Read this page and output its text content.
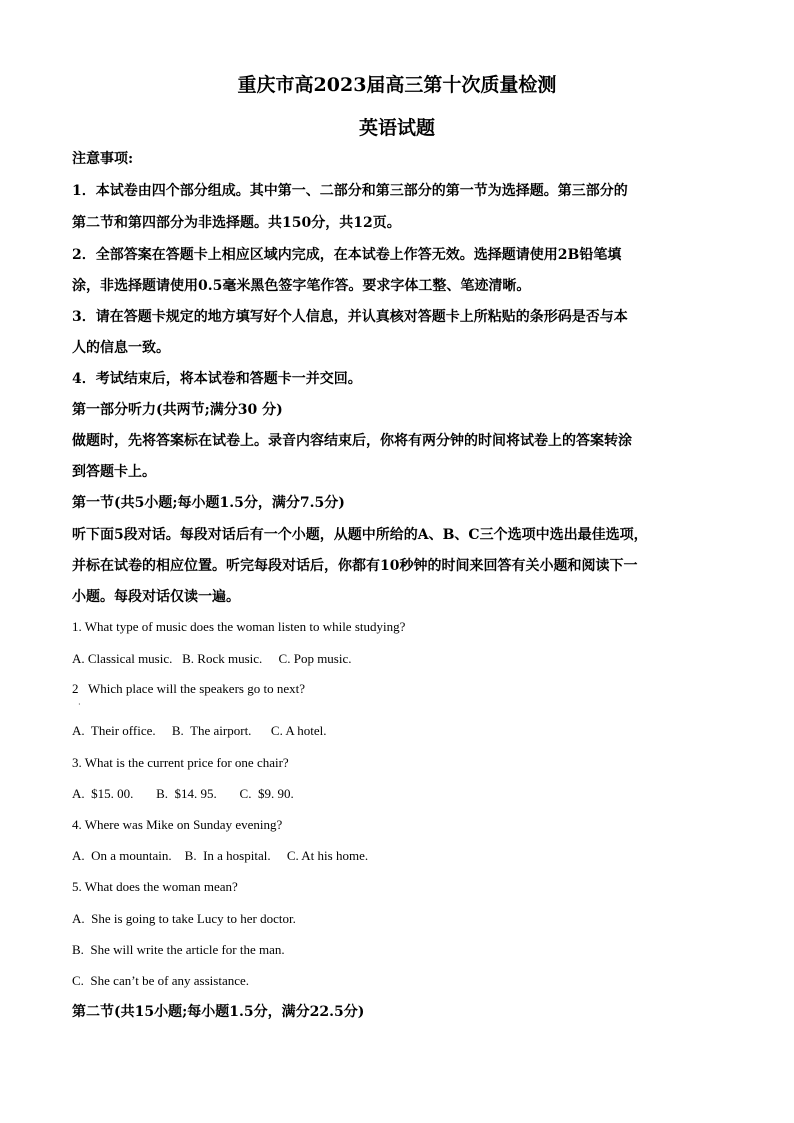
重庆市高2023届高三第十次质量检测
英语试题
注意事项:
1．本试卷由四个部分组成。其中第一、二部分和第三部分的第一节为选择题。第三部分的
第二节和第四部分为非选择题。共150分，共12页。
2．全部答案在答题卡上相应区域内完成，在本试卷上作答无效。选择题请使用2B铅笔填
涂，非选择题请使用0.5毫米黑色签字笔作答。要求字体工整、笔迹清晰。
3．请在答题卡规定的地方填写好个人信息，并认真核对答题卡上所粘贴的条形码是否与本
人的信息一致。
4．考试结束后，将本试卷和答题卡一并交回。
第一部分听力(共两节;满分30 分)
做题时，先将答案标在试卷上。录音内容结束后，你将有两分钟的时间将试卷上的答案转涂
到答题卡上。
第一节(共5小题;每小题1.5分，满分7.5分)
听下面5段对话。每段对话后有一个小题，从题中所给的A、B、C三个选项中选出最佳选项，
并标在试卷的相应位置。听完每段对话后，你都有10秒钟的时间来回答有关小题和阅读下一
小题。每段对话仅读一遍。
1. What type of music does the woman listen to while studying?
A. Classical music.   B. Rock music.     C. Pop music.
2   Which place will the speakers go to next?
·
A.  Their office.     B.  The airport.      C. A hotel.
3. What is the current price for one chair?
A.  $15. 00.       B.  $14. 95.       C.  $9. 90.
4. Where was Mike on Sunday evening?
A.  On a mountain.    B.  In a hospital.     C. At his home.
5. What does the woman mean?
A.  She is going to take Lucy to her doctor.
B.  She will write the article for the man.
C.  She can’t be of any assistance.
第二节(共15小题;每小题1.5分，满分22.5分)
